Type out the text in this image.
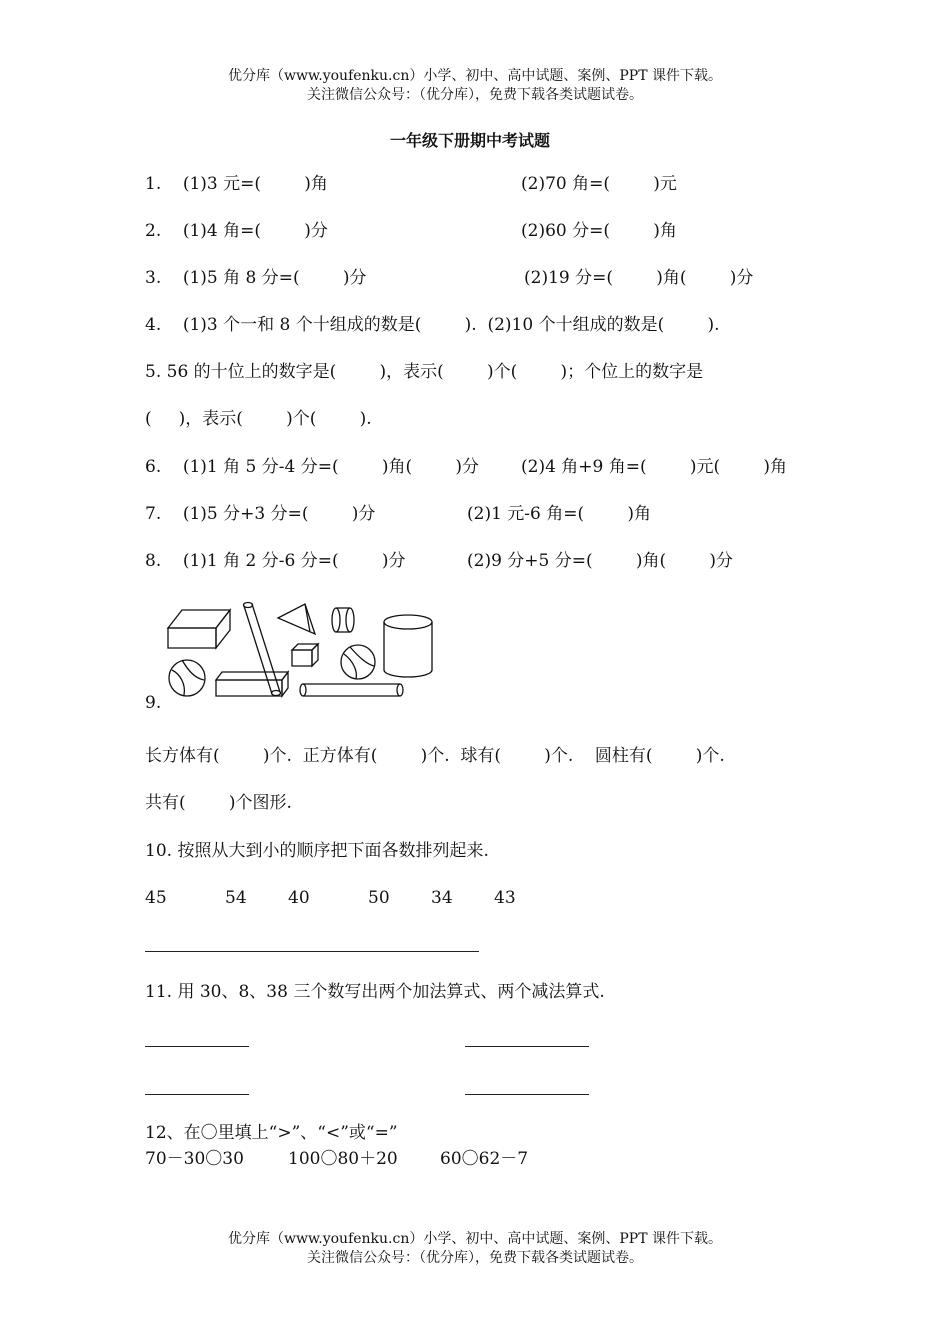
优分库（www.youfenku.cn）小学、初中、高中试题、案例、PPT 课件下载。
关注微信公众号：（优分库），免费下载各类试题试卷。
一年级下册期中考试题
1.    (1)3 元=(        )角	(2)70 角=(        )元
2.    (1)4 角=(        )分	(2)60 分=(        )角
3.    (1)5 角 8 分=(        )分	(2)19 分=(        )角(        )分
4.    (1)3 个一和 8 个十组成的数是(        ).  (2)10 个十组成的数是(        ).
5. 56 的十位上的数字是(        )，表示(        )个(        )；个位上的数字是
(     )，表示(        )个(        ).
6.    (1)1 角 5 分-4 分=(        )角(        )分 (2)4 角+9 角=(        )元(        )角
7.    (1)5 分+3 分=(        )分	(2)1 元-6 角=(        )角
8.    (1)1 角 2 分-6 分=(        )分	(2)9 分+5 分=(        )角(        )分
9.
长方体有(        )个.  正方体有(        )个.  球有(        )个.    圆柱有(        )个.
共有(        )个图形.
10. 按照从大到小的顺序把下面各数排列起来.
45	54 40	50 34 43
11. 用 30、8、38 三个数写出两个加法算式、两个减法算式.
12、在〇里填上“>”、“<”或“=”
70－30〇30	100〇80＋20 60〇62－7
优分库（www.youfenku.cn）小学、初中、高中试题、案例、PPT 课件下载。
关注微信公众号：（优分库），免费下载各类试题试卷。
